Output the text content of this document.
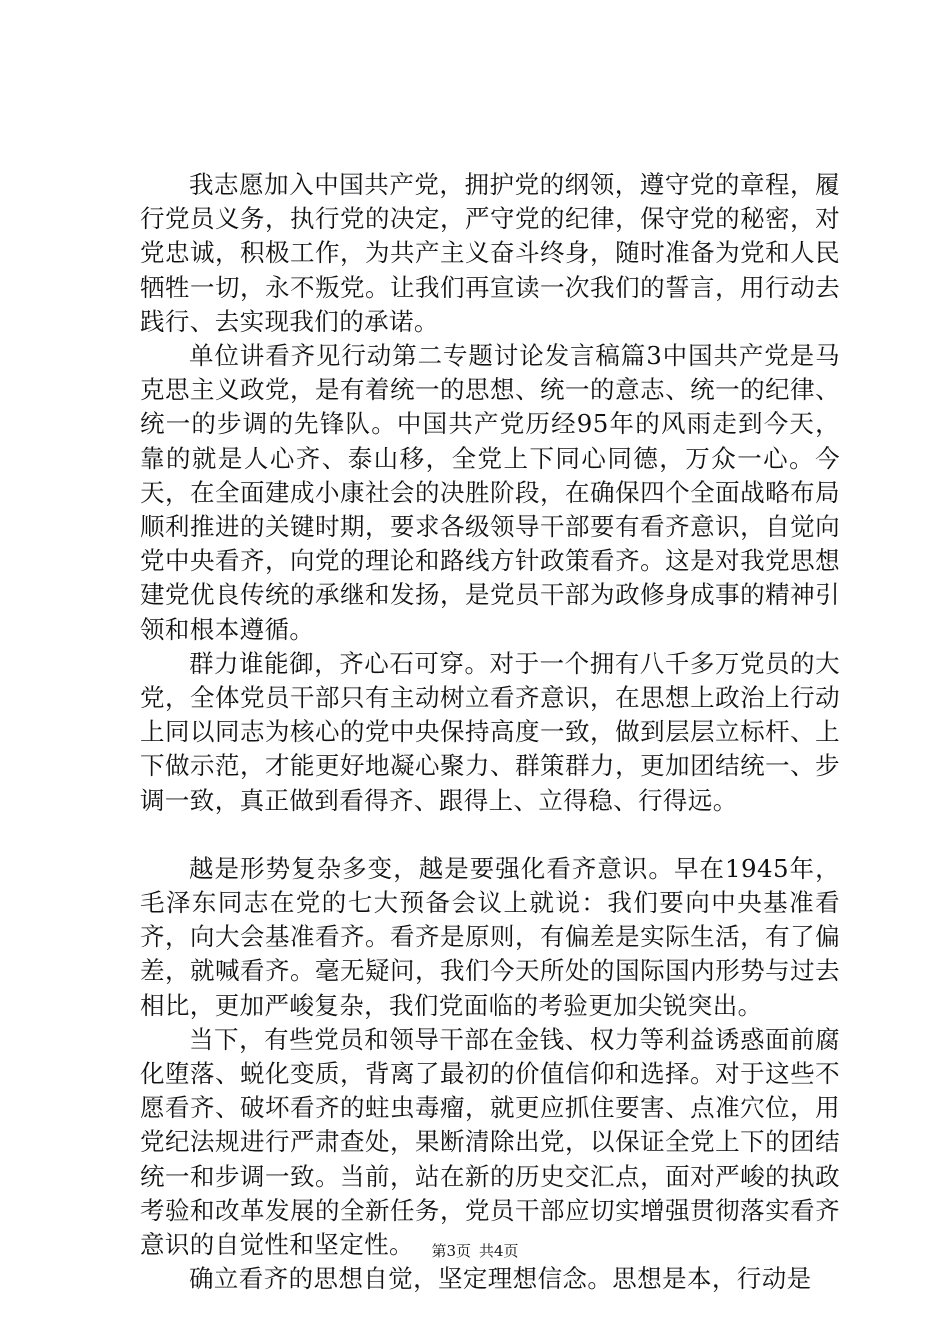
我志愿加入中国共产党，拥护党的纲领，遵守党的章程，履行党员义务，执行党的决定，严守党的纪律，保守党的秘密，对党忠诚，积极工作，为共产主义奋斗终身，随时准备为党和人民牺牲一切，永不叛党。让我们再宣读一次我们的誓言，用行动去践行、去实现我们的承诺。

单位讲看齐见行动第二专题讨论发言稿篇3中国共产党是马克思主义政党，是有着统一的思想、统一的意志、统一的纪律、统一的步调的先锋队。中国共产党历经95年的风雨走到今天，靠的就是人心齐、泰山移，全党上下同心同德，万众一心。今天，在全面建成小康社会的决胜阶段，在确保四个全面战略布局顺利推进的关键时期，要求各级领导干部要有看齐意识，自觉向党中央看齐，向党的理论和路线方针政策看齐。这是对我党思想建党优良传统的承继和发扬，是党员干部为政修身成事的精神引领和根本遵循。

群力谁能御，齐心石可穿。对于一个拥有八千多万党员的大党，全体党员干部只有主动树立看齐意识，在思想上政治上行动上同以同志为核心的党中央保持高度一致，做到层层立标杆、上下做示范，才能更好地凝心聚力、群策群力，更加团结统一、步调一致，真正做到看得齐、跟得上、立得稳、行得远。

越是形势复杂多变，越是要强化看齐意识。早在1945年，毛泽东同志在党的七大预备会议上就说：我们要向中央基准看齐，向大会基准看齐。看齐是原则，有偏差是实际生活，有了偏差，就喊看齐。毫无疑问，我们今天所处的国际国内形势与过去相比，更加严峻复杂，我们党面临的考验更加尖锐突出。

当下，有些党员和领导干部在金钱、权力等利益诱惑面前腐化堕落、蜕化变质，背离了最初的价值信仰和选择。对于这些不愿看齐、破坏看齐的蛀虫毒瘤，就更应抓住要害、点准穴位，用党纪法规进行严肃查处，果断清除出党，以保证全党上下的团结统一和步调一致。当前，站在新的历史交汇点，面对严峻的执政考验和改革发展的全新任务，党员干部应切实增强贯彻落实看齐意识的自觉性和坚定性。

确立看齐的思想自觉，坚定理想信念。思想是本，行动是

第3页 共4页
